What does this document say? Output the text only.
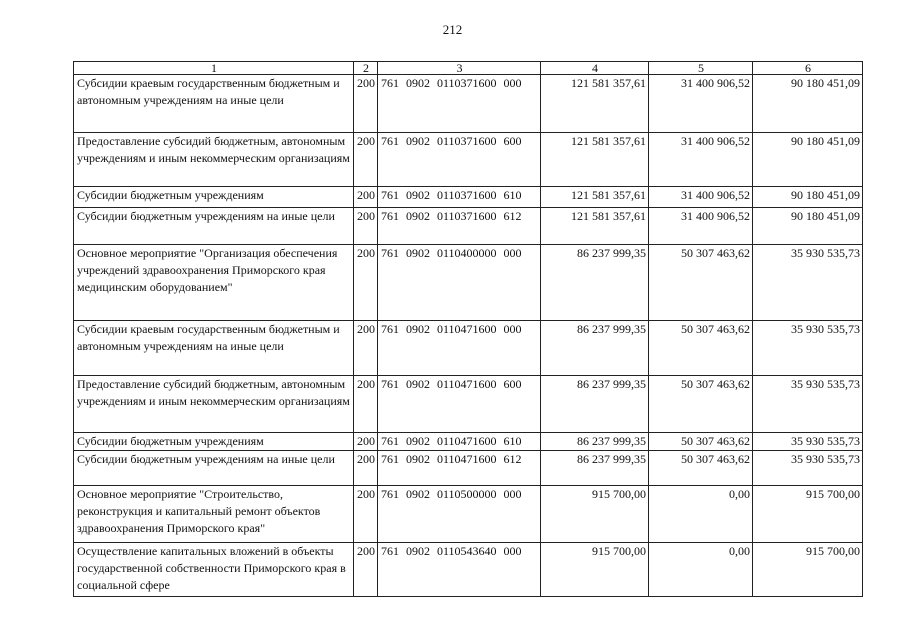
212
1	2	3	4	5	6
Субсидии краевым государственным бюджетным и автономным учреждениям на иные цели	200	761 0902 0110371600 000	121 581 357,61	31 400 906,52	90 180 451,09
Предоставление субсидий бюджетным, автономным учреждениям и иным некоммерческим организациям	200	761 0902 0110371600 600	121 581 357,61	31 400 906,52	90 180 451,09
Субсидии бюджетным учреждениям	200	761 0902 0110371600 610	121 581 357,61	31 400 906,52	90 180 451,09
Субсидии бюджетным учреждениям на иные цели	200	761 0902 0110371600 612	121 581 357,61	31 400 906,52	90 180 451,09
Основное мероприятие "Организация обеспечения учреждений здравоохранения Приморского края медицинским оборудованием"	200	761 0902 0110400000 000	86 237 999,35	50 307 463,62	35 930 535,73
Субсидии краевым государственным бюджетным и автономным учреждениям на иные цели	200	761 0902 0110471600 000	86 237 999,35	50 307 463,62	35 930 535,73
Предоставление субсидий бюджетным, автономным учреждениям и иным некоммерческим организациям	200	761 0902 0110471600 600	86 237 999,35	50 307 463,62	35 930 535,73
Субсидии бюджетным учреждениям	200	761 0902 0110471600 610	86 237 999,35	50 307 463,62	35 930 535,73
Субсидии бюджетным учреждениям на иные цели	200	761 0902 0110471600 612	86 237 999,35	50 307 463,62	35 930 535,73
Основное мероприятие "Строительство, реконструкция и капитальный ремонт объектов здравоохранения Приморского края"	200	761 0902 0110500000 000	915 700,00	0,00	915 700,00
Осуществление капитальных вложений в объекты государственной собственности Приморского края в социальной сфере	200	761 0902 0110543640 000	915 700,00	0,00	915 700,00
